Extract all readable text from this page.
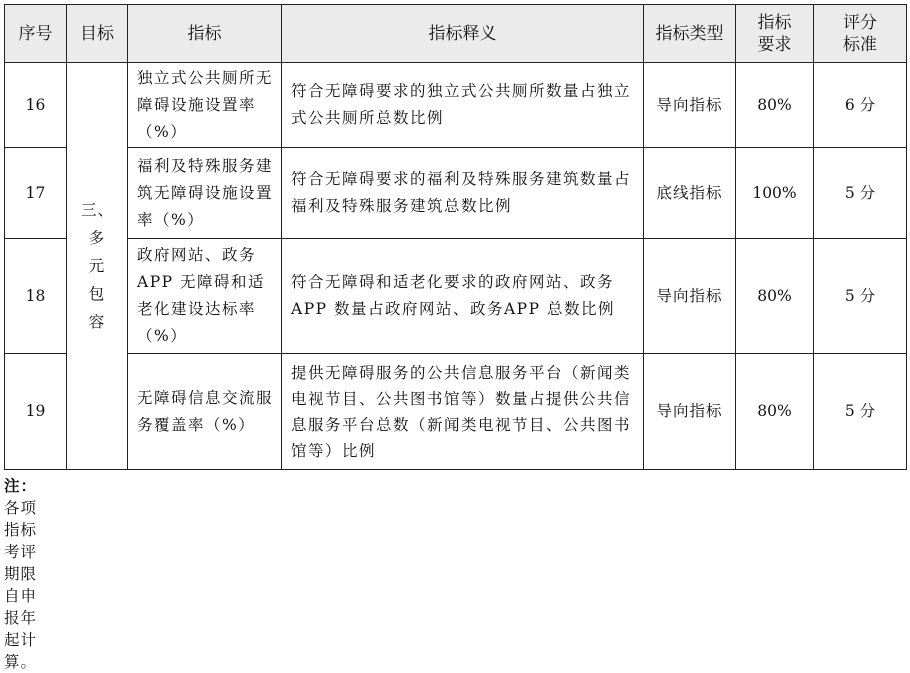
序号	目标	指标	指标释义	指标类型	指标要求	评分标准
16	三、多元包容	独立式公共厕所无障碍设施设置率（%）	符合无障碍要求的独立式公共厕所数量占独立式公共厕所总数比例	导向指标	80%	6 分
17		福利及特殊服务建筑无障碍设施设置率（%）	符合无障碍要求的福利及特殊服务建筑数量占福利及特殊服务建筑总数比例	底线指标	100%	5 分
18		政府网站、政务APP 无障碍和适老化建设达标率（%）	符合无障碍和适老化要求的政府网站、政务APP 数量占政府网站、政务APP 总数比例	导向指标	80%	5 分
19		无障碍信息交流服务覆盖率（%）	提供无障碍服务的公共信息服务平台（新闻类电视节目、公共图书馆等）数量占提供公共信息服务平台总数（新闻类电视节目、公共图书馆等）比例	导向指标	80%	5 分
注：各项指标考评期限自申报年起计算。
